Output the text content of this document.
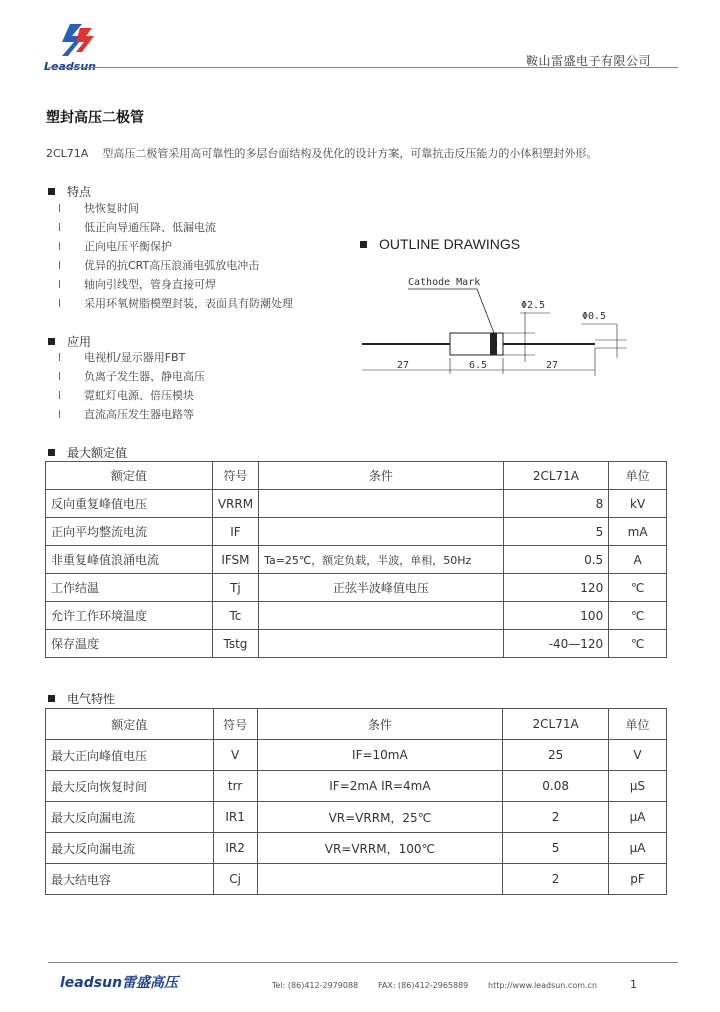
Leadsun	鞍山雷盛电子有限公司
塑封高压二极管
2CL71A 型高压二极管采用高可靠性的多层台面结构及优化的设计方案，可靠抗击反压能力的小体积塑封外形。
特点
l 快恢复时间
l 低正向导通压降、低漏电流
l 正向电压平衡保护
l 优异的抗CRT高压浪涌电弧放电冲击
l 轴向引线型，管身直接可焊
l 采用环氧树脂模塑封装，表面具有防潮处理
应用
l 电视机/显示器用FBT
l 负离子发生器、静电高压
l 霓虹灯电源、倍压模块
l 直流高压发生器电路等
OUTLINE DRAWINGS
Cathode Mark
Φ2.5
Φ0.5
27	6.5	27
最大额定值
额定值	符号	条件	2CL71A	单位
反向重复峰值电压	VRRM		8	kV
正向平均整流电流	IF		5	mA
非重复峰值浪涌电流	IFSM	Ta=25℃，额定负载，半波，单相，50Hz	0.5	A
工作结温	Tj	正弦半波峰值电压	120	℃
允许工作环境温度	Tc		100	℃
保存温度	Tstg		-40—120	℃
电气特性
额定值	符号	条件	2CL71A	单位
最大正向峰值电压	V	IF=10mA	25	V
最大反向恢复时间	trr	IF=2mA IR=4mA	0.08	μS
最大反向漏电流	IR1	VR=VRRM，25℃	2	μA
最大反向漏电流	IR2	VR=VRRM，100℃	5	μA
最大结电容	Cj		2	pF
leadsun雷盛高压	Tel: (86)412-2979088 FAX: (86)412-2965889 http://www.leadsun.com.cn	1
